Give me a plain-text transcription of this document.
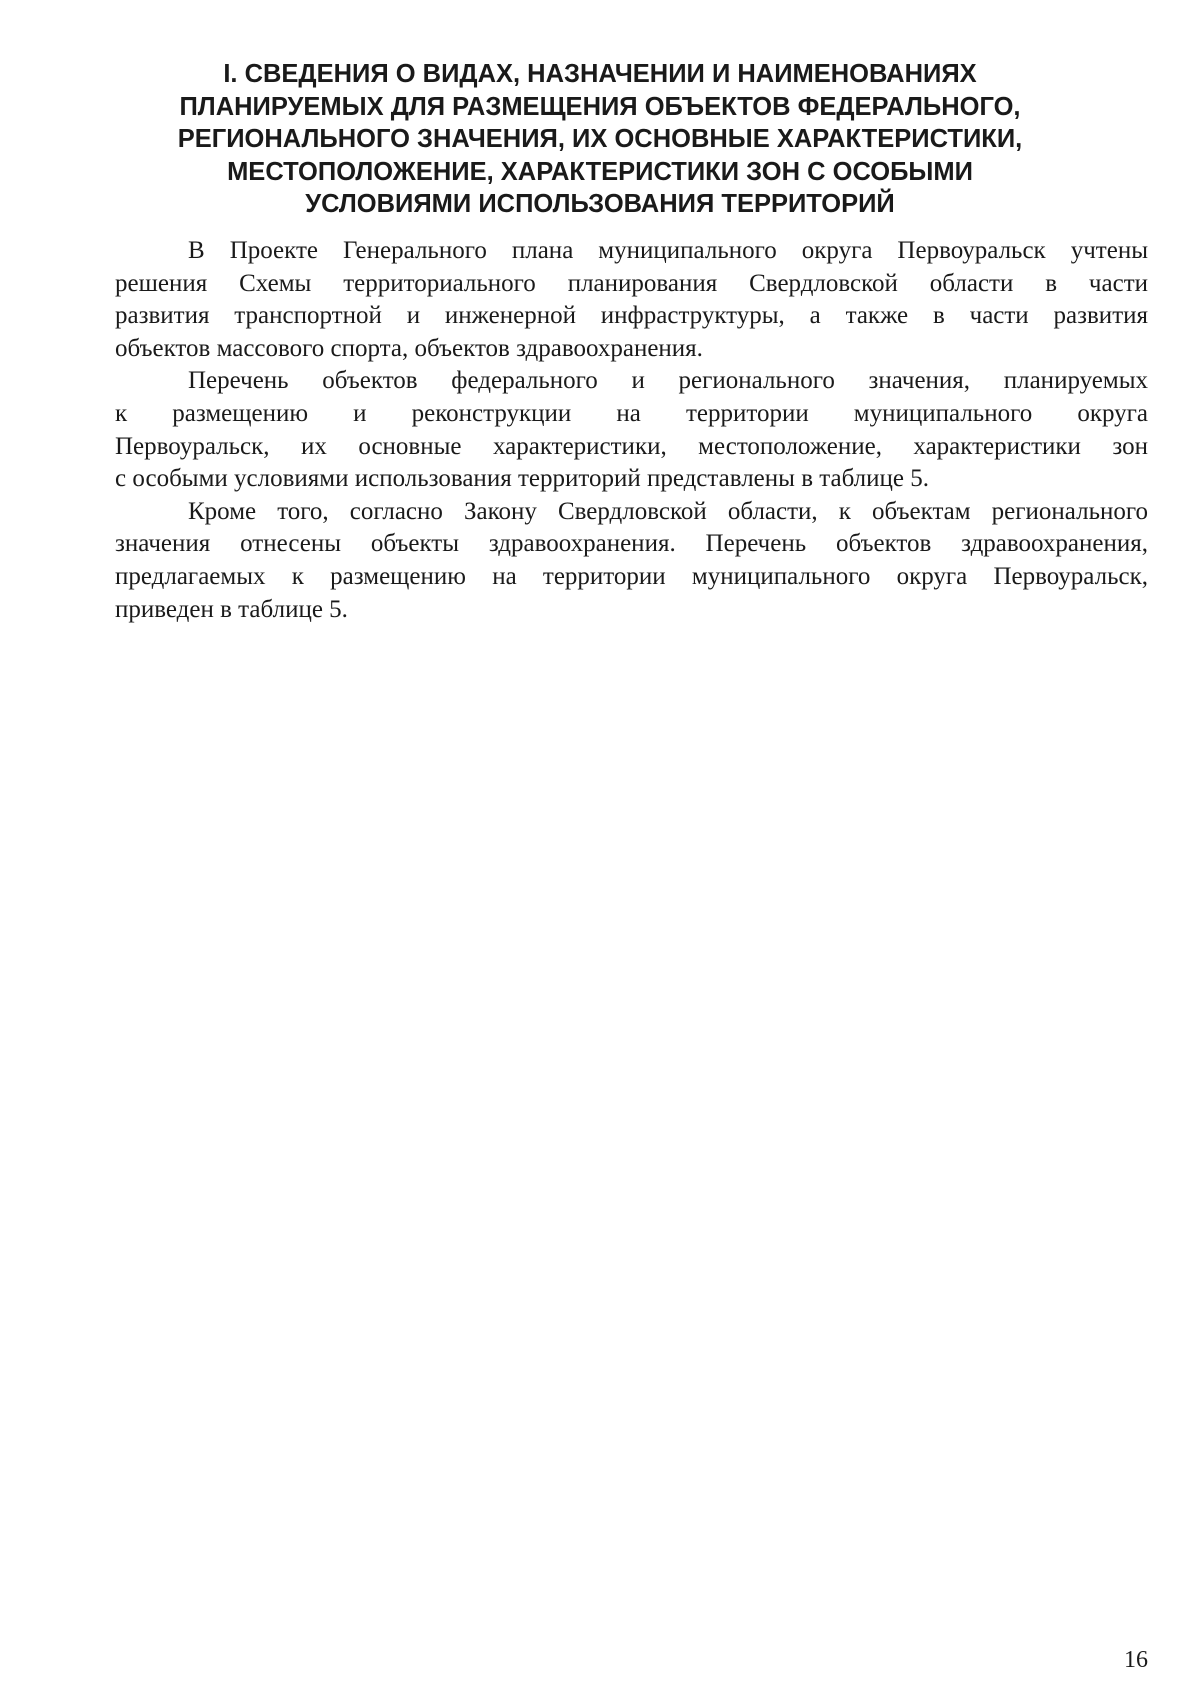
I. СВЕДЕНИЯ О ВИДАХ, НАЗНАЧЕНИИ И НАИМЕНОВАНИЯХ
ПЛАНИРУЕМЫХ ДЛЯ РАЗМЕЩЕНИЯ ОБЪЕКТОВ ФЕДЕРАЛЬНОГО,
РЕГИОНАЛЬНОГО ЗНАЧЕНИЯ, ИХ ОСНОВНЫЕ ХАРАКТЕРИСТИКИ,
МЕСТОПОЛОЖЕНИЕ, ХАРАКТЕРИСТИКИ ЗОН С ОСОБЫМИ
УСЛОВИЯМИ ИСПОЛЬЗОВАНИЯ ТЕРРИТОРИЙ

В Проекте Генерального плана муниципального округа Первоуральск учтены
решения Схемы территориального планирования Свердловской области в части
развития транспортной и инженерной инфраструктуры, а также в части развития
объектов массового спорта, объектов здравоохранения.

Перечень объектов федерального и регионального значения, планируемых
к размещению и реконструкции на территории муниципального округа
Первоуральск, их основные характеристики, местоположение, характеристики зон
с особыми условиями использования территорий представлены в таблице 5.

Кроме того, согласно Закону Свердловской области, к объектам регионального
значения отнесены объекты здравоохранения. Перечень объектов здравоохранения,
предлагаемых к размещению на территории муниципального округа Первоуральск,
приведен в таблице 5.

16
